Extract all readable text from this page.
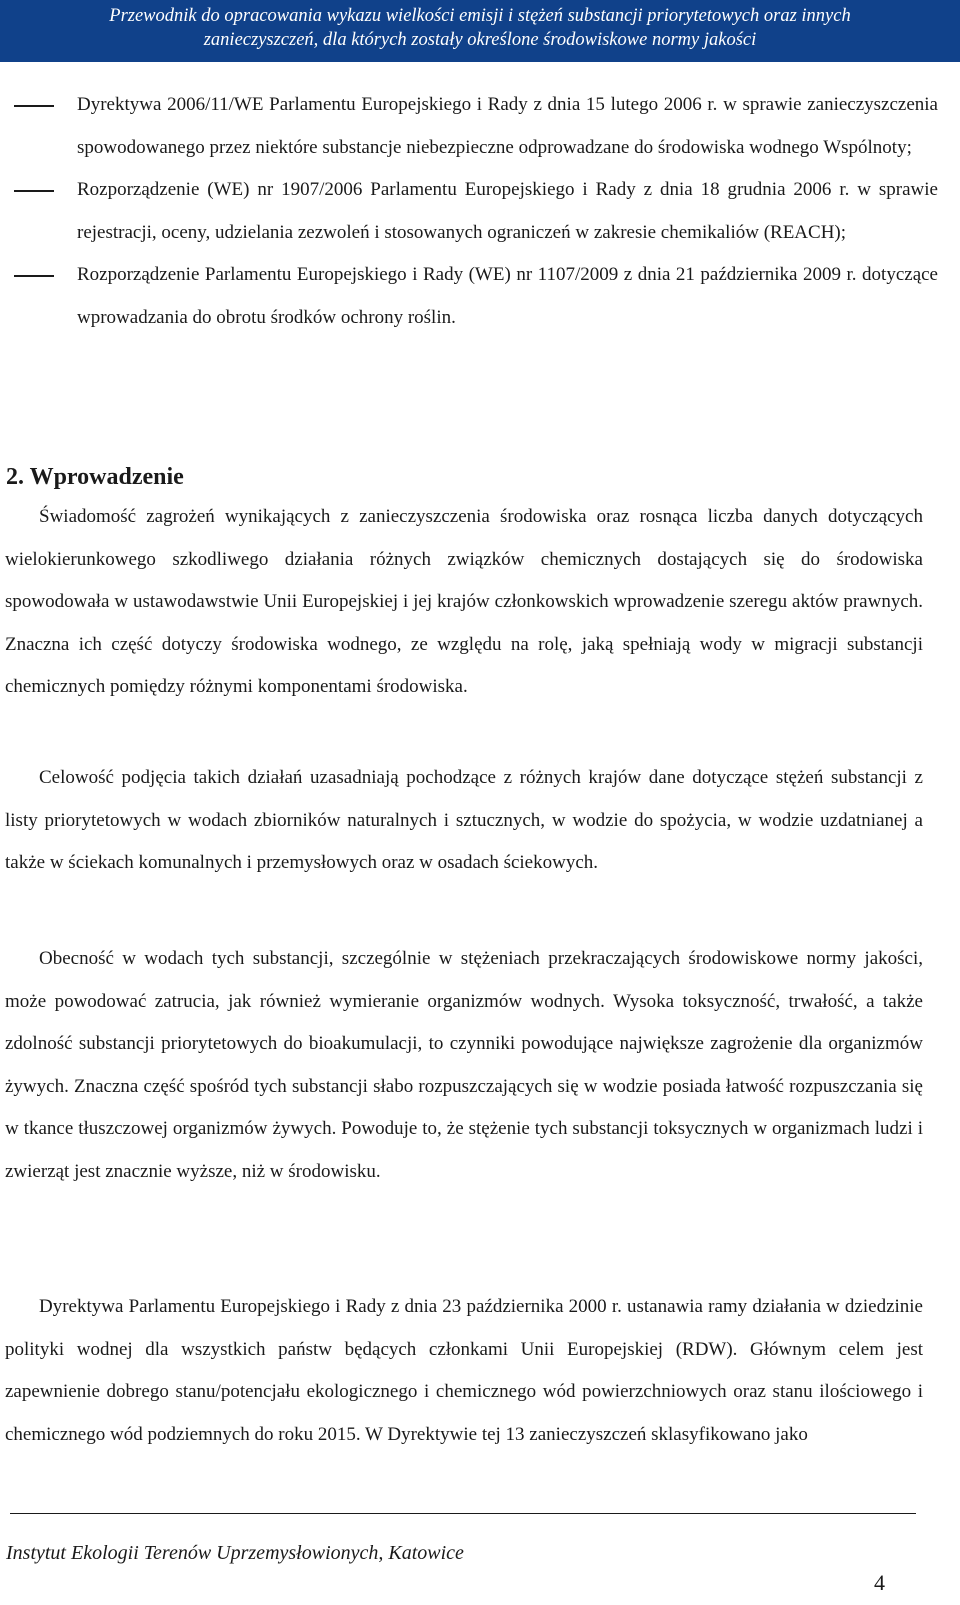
Przewodnik do opracowania wykazu wielkości emisji i stężeń substancji priorytetowych oraz innych
zanieczyszczeń, dla których zostały określone środowiskowe normy jakości
Dyrektywa 2006/11/WE Parlamentu Europejskiego i Rady z dnia 15 lutego 2006 r. w sprawie zanieczyszczenia spowodowanego przez niektóre substancje niebezpieczne odprowadzane do środowiska wodnego Wspólnoty;
Rozporządzenie (WE) nr 1907/2006 Parlamentu Europejskiego i Rady z dnia 18 grudnia 2006 r. w sprawie rejestracji, oceny, udzielania zezwoleń i stosowanych ograniczeń w zakresie chemikaliów (REACH);
Rozporządzenie Parlamentu Europejskiego i Rady (WE) nr 1107/2009 z dnia 21 października 2009 r. dotyczące wprowadzania do obrotu środków ochrony roślin.
2. Wprowadzenie
Świadomość zagrożeń wynikających z zanieczyszczenia środowiska oraz rosnąca liczba danych dotyczących wielokierunkowego szkodliwego działania różnych związków chemicznych dostających się do środowiska spowodowała w ustawodawstwie Unii Europejskiej i jej krajów członkowskich wprowadzenie szeregu aktów prawnych. Znaczna ich część dotyczy środowiska wodnego, ze względu na rolę, jaką spełniają wody w migracji substancji chemicznych pomiędzy różnymi komponentami środowiska.
Celowość podjęcia takich działań uzasadniają pochodzące z różnych krajów dane dotyczące stężeń substancji z listy priorytetowych w wodach zbiorników naturalnych i sztucznych, w wodzie do spożycia, w wodzie uzdatnianej a także w ściekach komunalnych i przemysłowych oraz w osadach ściekowych.
Obecność w wodach tych substancji, szczególnie w stężeniach przekraczających środowiskowe normy jakości, może powodować zatrucia, jak również wymieranie organizmów wodnych. Wysoka toksyczność, trwałość, a także zdolność substancji priorytetowych do bioakumulacji, to czynniki powodujące największe zagrożenie dla organizmów żywych. Znaczna część spośród tych substancji słabo rozpuszczających się w wodzie posiada łatwość rozpuszczania się w tkance tłuszczowej organizmów żywych. Powoduje to, że stężenie tych substancji toksycznych w organizmach ludzi i zwierząt jest znacznie wyższe, niż w środowisku.
Dyrektywa Parlamentu Europejskiego i Rady z dnia 23 października 2000 r. ustanawia ramy działania w dziedzinie polityki wodnej dla wszystkich państw będących członkami Unii Europejskiej (RDW). Głównym celem jest zapewnienie dobrego stanu/potencjału ekologicznego i chemicznego wód powierzchniowych oraz stanu ilościowego i chemicznego wód podziemnych do roku 2015. W Dyrektywie tej 13 zanieczyszczeń sklasyfikowano jako
Instytut Ekologii Terenów Uprzemysłowionych, Katowice
4
